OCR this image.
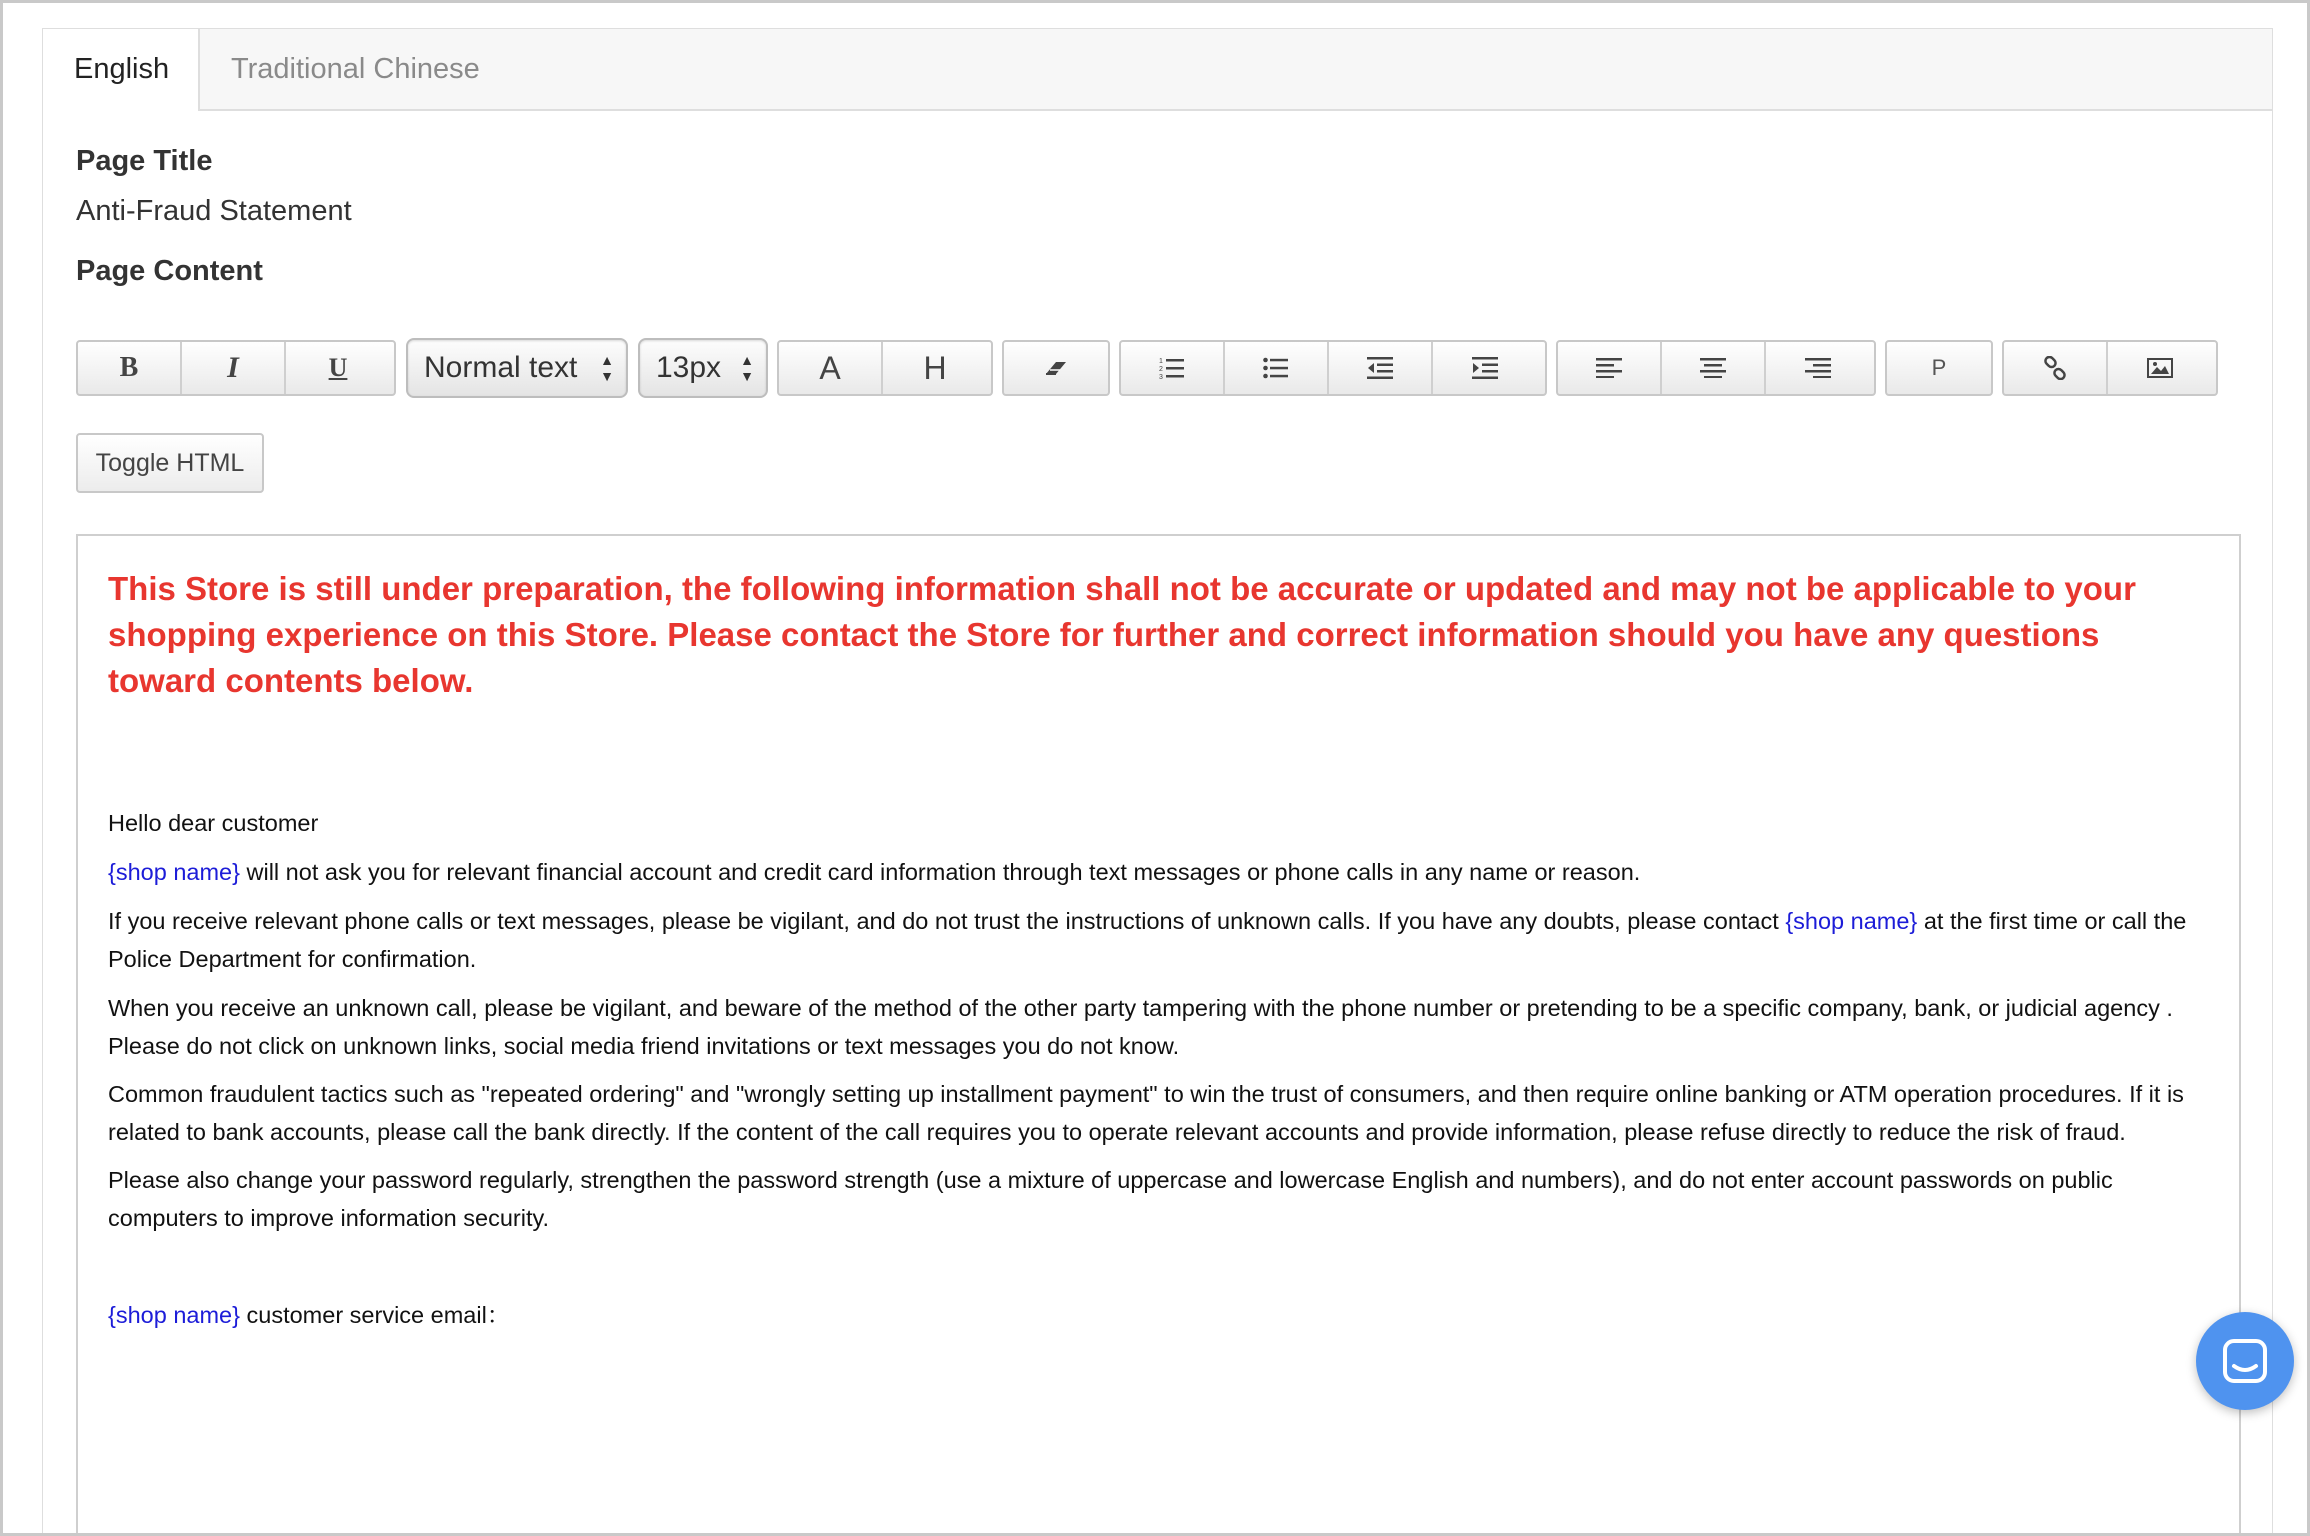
English	Traditional Chinese
Page Title
Anti-Fraud Statement
Page Content
B	I	U	Normal text ▲
▼ 13px ▲
▼	A	H	1
2
3	P
Toggle HTML
This Store is still under preparation, the following information shall not be accurate or updated and may not be applicable to your shopping experience on this Store. Please contact the Store for further and correct information should you have any questions toward contents below.
Hello dear customer
{shop name} will not ask you for relevant financial account and credit card information through text messages or phone calls in any name or reason.
If you receive relevant phone calls or text messages, please be vigilant, and do not trust the instructions of unknown calls. If you have any doubts, please contact {shop name} at the first time or call the Police Department for confirmation.
When you receive an unknown call, please be vigilant, and beware of the method of the other party tampering with the phone number or pretending to be a specific company, bank, or judicial agency . Please do not click on unknown links, social media friend invitations or text messages you do not know.
Common fraudulent tactics such as "repeated ordering" and "wrongly setting up installment payment" to win the trust of consumers, and then require online banking or ATM operation procedures. If it is related to bank accounts, please call the bank directly. If the content of the call requires you to operate relevant accounts and provide information, please refuse directly to reduce the risk of fraud.
Please also change your password regularly, strengthen the password strength (use a mixture of uppercase and lowercase English and numbers), and do not enter account passwords on public computers to improve information security.
{shop name} customer service email：
